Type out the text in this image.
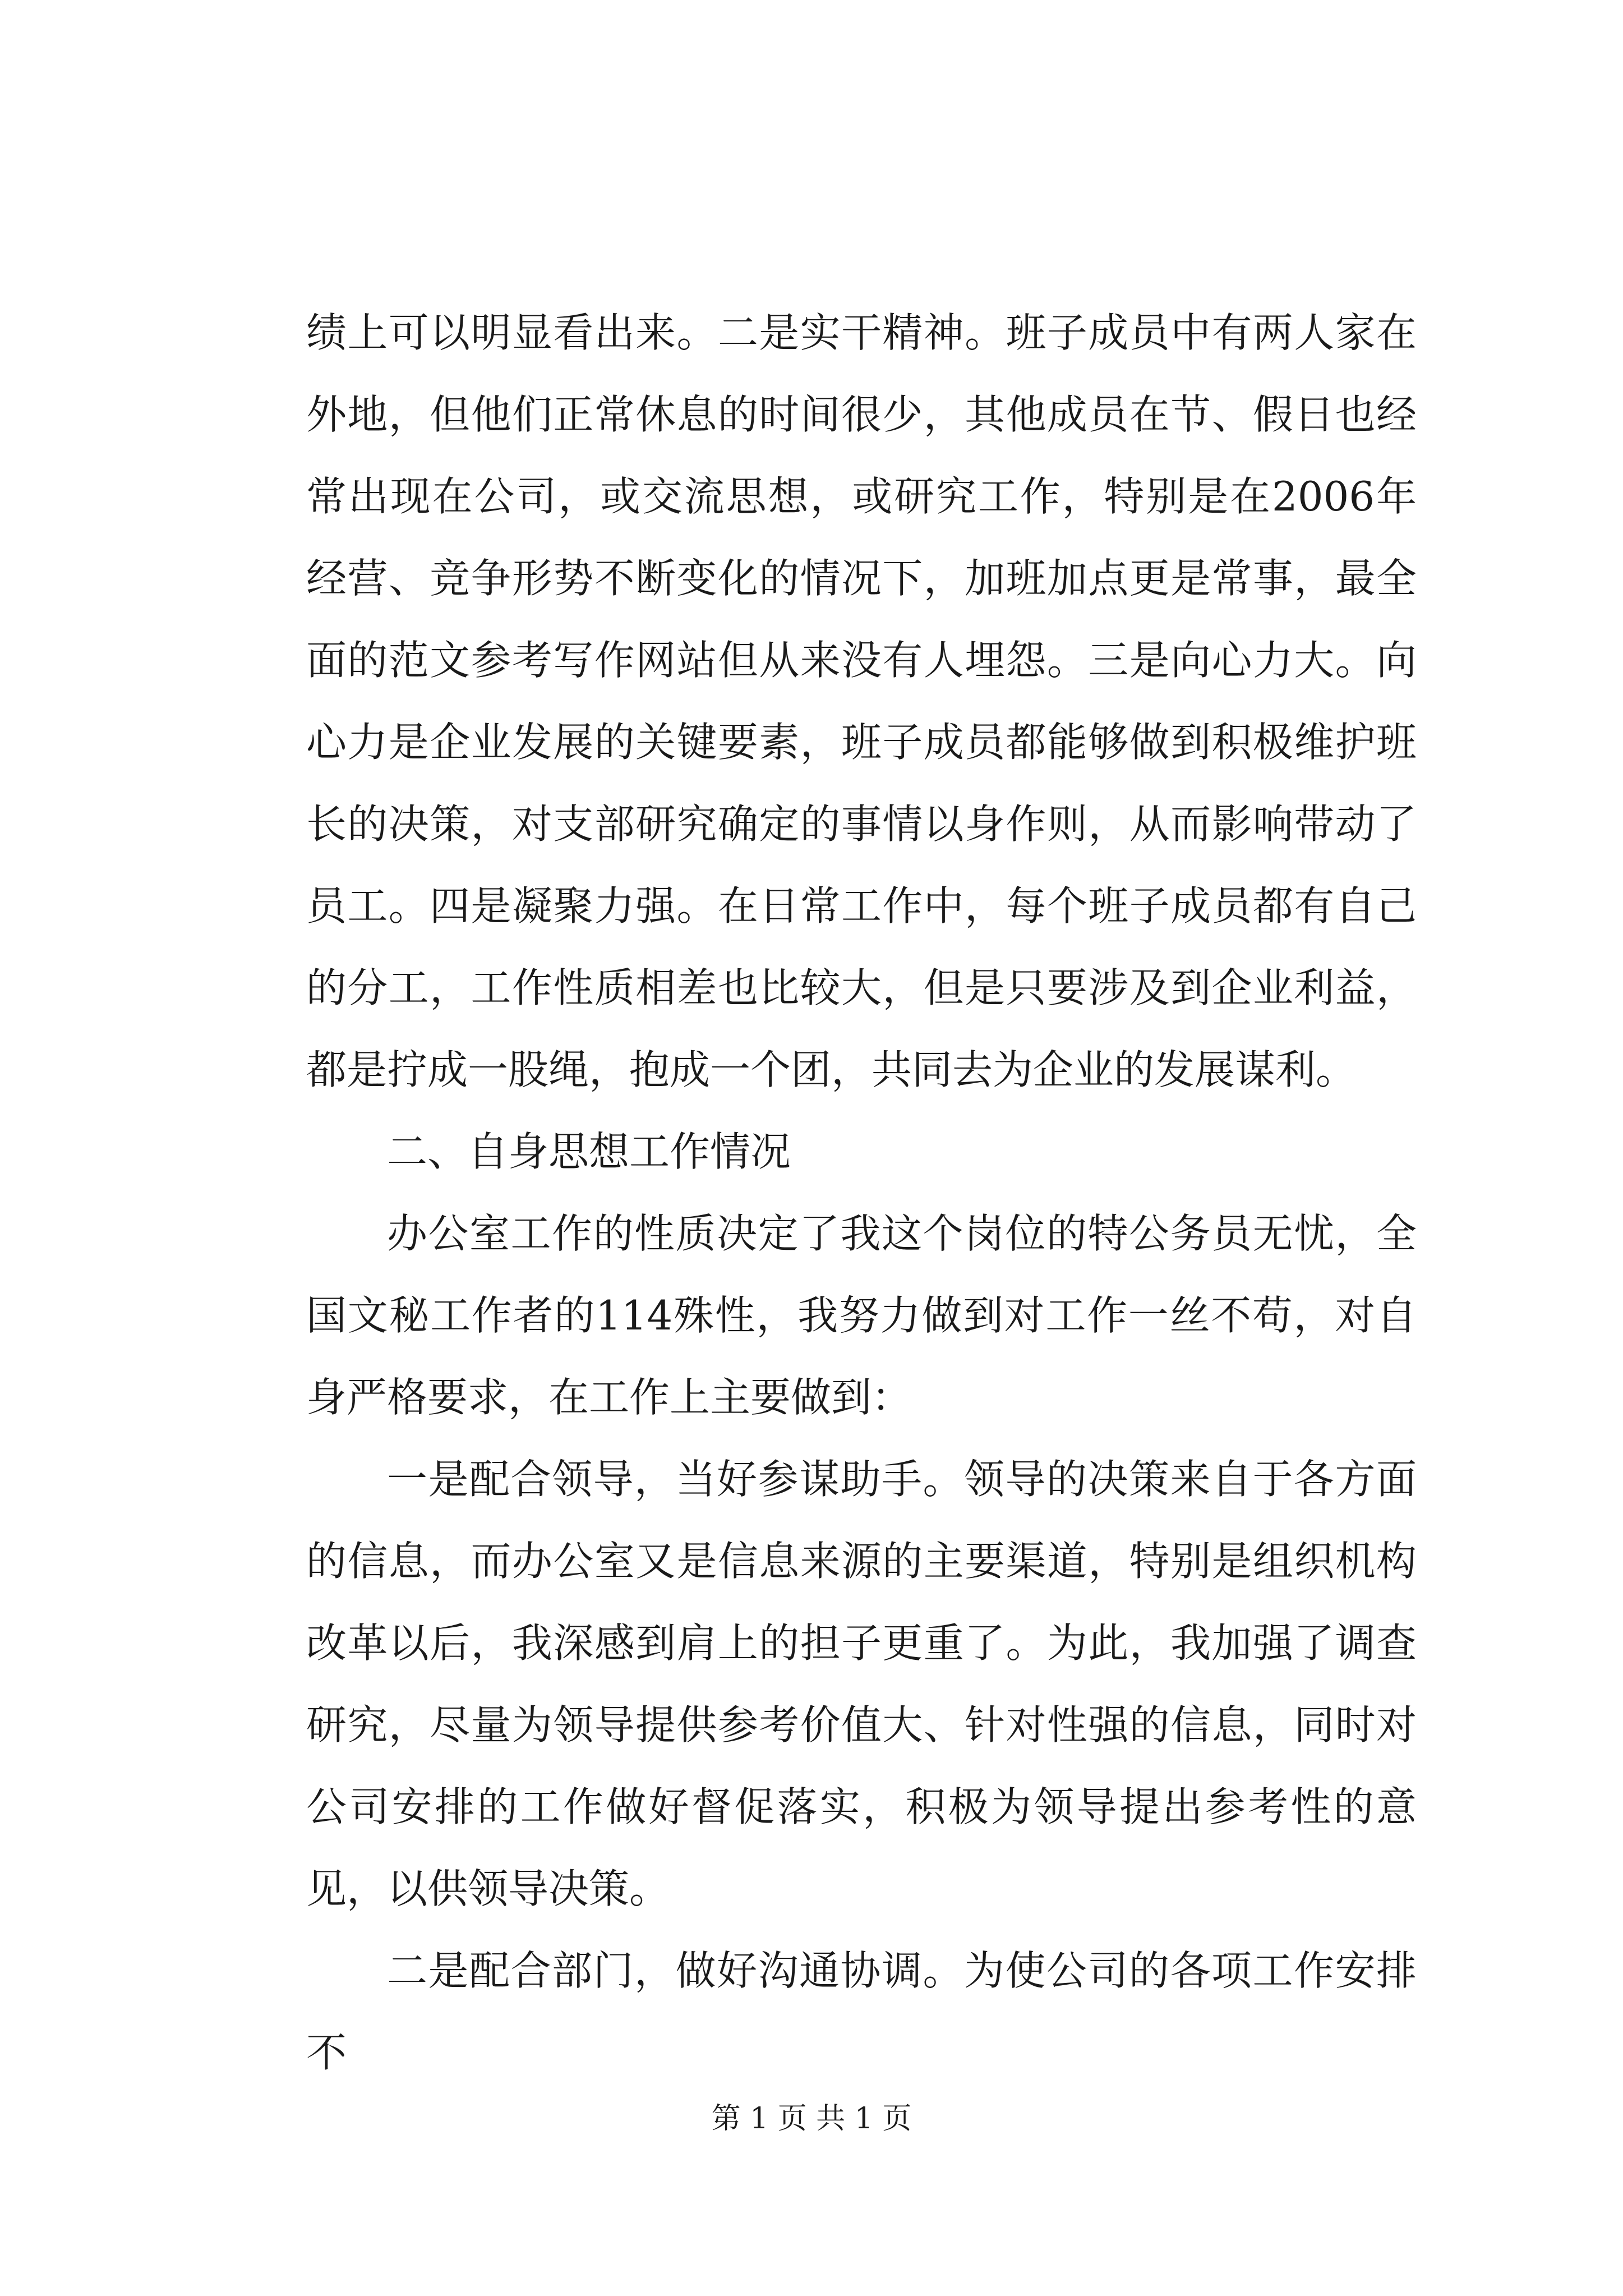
绩上可以明显看出来。二是实干精神。班子成员中有两人家在外地，但他们正常休息的时间很少，其他成员在节、假日也经常出现在公司，或交流思想，或研究工作，特别是在2006年经营、竞争形势不断变化的情况下，加班加点更是常事，最全面的范文参考写作网站但从来没有人埋怨。三是向心力大。向心力是企业发展的关键要素，班子成员都能够做到积极维护班长的决策，对支部研究确定的事情以身作则，从而影响带动了员工。四是凝聚力强。在日常工作中，每个班子成员都有自己的分工，工作性质相差也比较大，但是只要涉及到企业利益，都是拧成一股绳，抱成一个团，共同去为企业的发展谋利。

二、自身思想工作情况

办公室工作的性质决定了我这个岗位的特公务员无忧，全国文秘工作者的114殊性，我努力做到对工作一丝不苟，对自身严格要求，在工作上主要做到：

一是配合领导，当好参谋助手。领导的决策来自于各方面的信息，而办公室又是信息来源的主要渠道，特别是组织机构改革以后，我深感到肩上的担子更重了。为此，我加强了调查研究，尽量为领导提供参考价值大、针对性强的信息，同时对公司安排的工作做好督促落实，积极为领导提出参考性的意见，以供领导决策。

二是配合部门，做好沟通协调。为使公司的各项工作安排不

第 1 页 共 1 页
